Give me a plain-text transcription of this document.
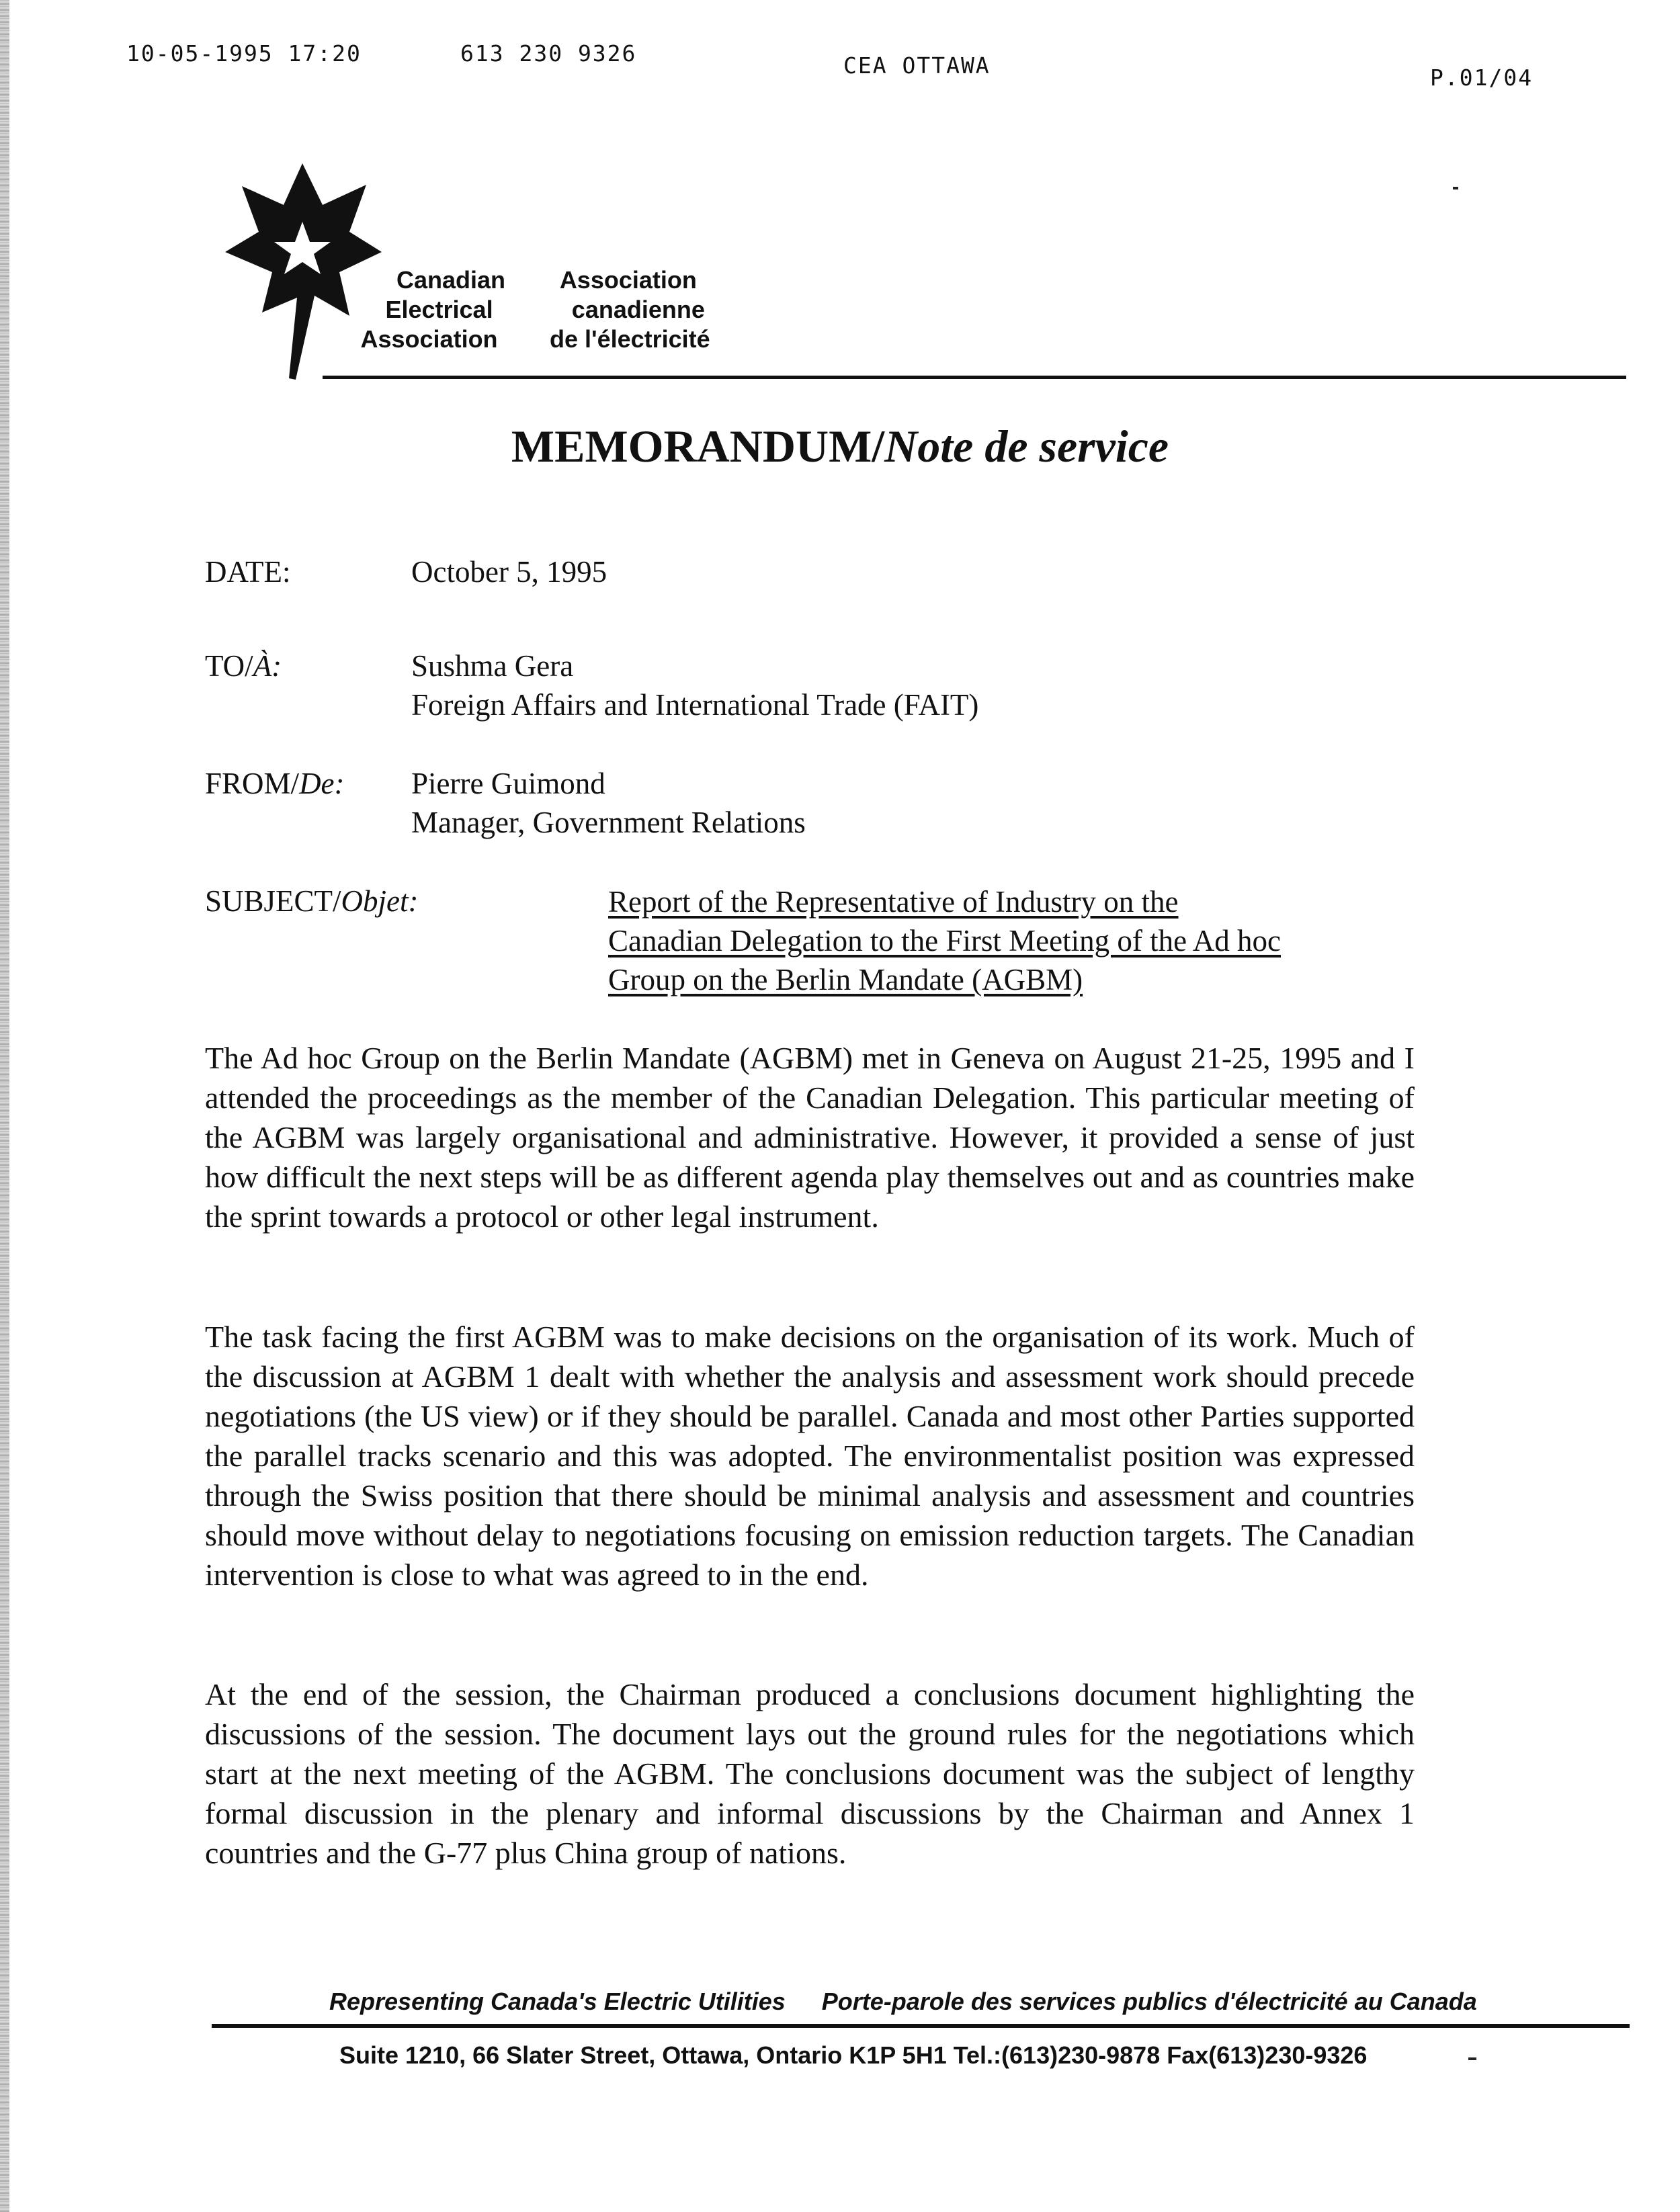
10-05-1995 17:20	613 230 9326	CEA OTTAWA	P.01/04
Canadian
Electrical
Association
Association
canadienne
de l'électricité
MEMORANDUM/Note de service
DATE:	October 5, 1995
TO/À:	Sushma Gera
Foreign Affairs and International Trade (FAIT)
FROM/De: Pierre Guimond
Manager, Government Relations
SUBJECT/Objet:	Report of the Representative of Industry on the
Canadian Delegation to the First Meeting of the Ad hoc
Group on the Berlin Mandate (AGBM)

The Ad hoc Group on the Berlin Mandate (AGBM) met in Geneva on August 21-25, 1995 and I attended the proceedings as the member of the Canadian Delegation. This particular meeting of the AGBM was largely organisational and administrative. However, it provided a sense of just how difficult the next steps will be as different agenda play themselves out and as countries make the sprint towards a protocol or other legal instrument.

The task facing the first AGBM was to make decisions on the organisation of its work. Much of the discussion at AGBM 1 dealt with whether the analysis and assessment work should precede negotiations (the US view) or if they should be parallel. Canada and most other Parties supported the parallel tracks scenario and this was adopted. The environmentalist position was expressed through the Swiss position that there should be minimal analysis and assessment and countries should move without delay to negotiations focusing on emission reduction targets. The Canadian intervention is close to what was agreed to in the end.

At the end of the session, the Chairman produced a conclusions document highlighting the discussions of the session. The document lays out the ground rules for the negotiations which start at the next meeting of the AGBM. The conclusions document was the subject of lengthy formal discussion in the plenary and informal discussions by the Chairman and Annex 1 countries and the G-77 plus China group of nations.

Representing Canada's Electric Utilities Porte-parole des services publics d'électricité au Canada
Suite 1210, 66 Slater Street, Ottawa, Ontario K1P 5H1 Tel.:(613)230-9878 Fax(613)230-9326
